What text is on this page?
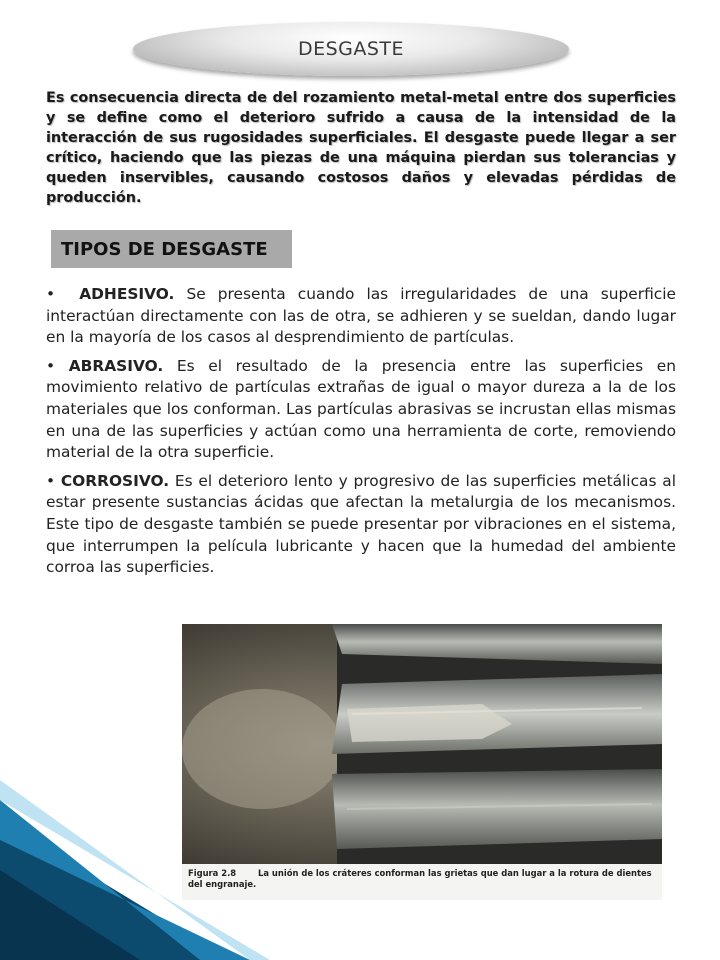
DESGASTE

Es consecuencia directa de del rozamiento metal-metal entre dos superficies y se define como el deterioro sufrido a causa de la intensidad de la interacción de sus rugosidades superficiales. El desgaste puede llegar a ser crítico, haciendo que las piezas de una máquina pierdan sus tolerancias y queden inservibles, causando costosos daños y elevadas pérdidas de producción.

TIPOS DE DESGASTE

• ADHESIVO. Se presenta cuando las irregularidades de una superficie interactúan directamente con las de otra, se adhieren y se sueldan, dando lugar en la mayoría de los casos al desprendimiento de partículas.

• ABRASIVO. Es el resultado de la presencia entre las superficies en movimiento relativo de partículas extrañas de igual o mayor dureza a la de los materiales que los conforman. Las partículas abrasivas se incrustan ellas mismas en una de las superficies y actúan como una herramienta de corte, removiendo material de la otra superficie.

• CORROSIVO. Es el deterioro lento y progresivo de las superficies metálicas al estar presente sustancias ácidas que afectan la metalurgia de los mecanismos. Este tipo de desgaste también se puede presentar por vibraciones en el sistema, que interrumpen la película lubricante y hacen que la humedad del ambiente corroa las superficies.

Figura 2.8	La unión de los cráteres conforman las grietas que dan lugar a la rotura de dientes del engranaje.
